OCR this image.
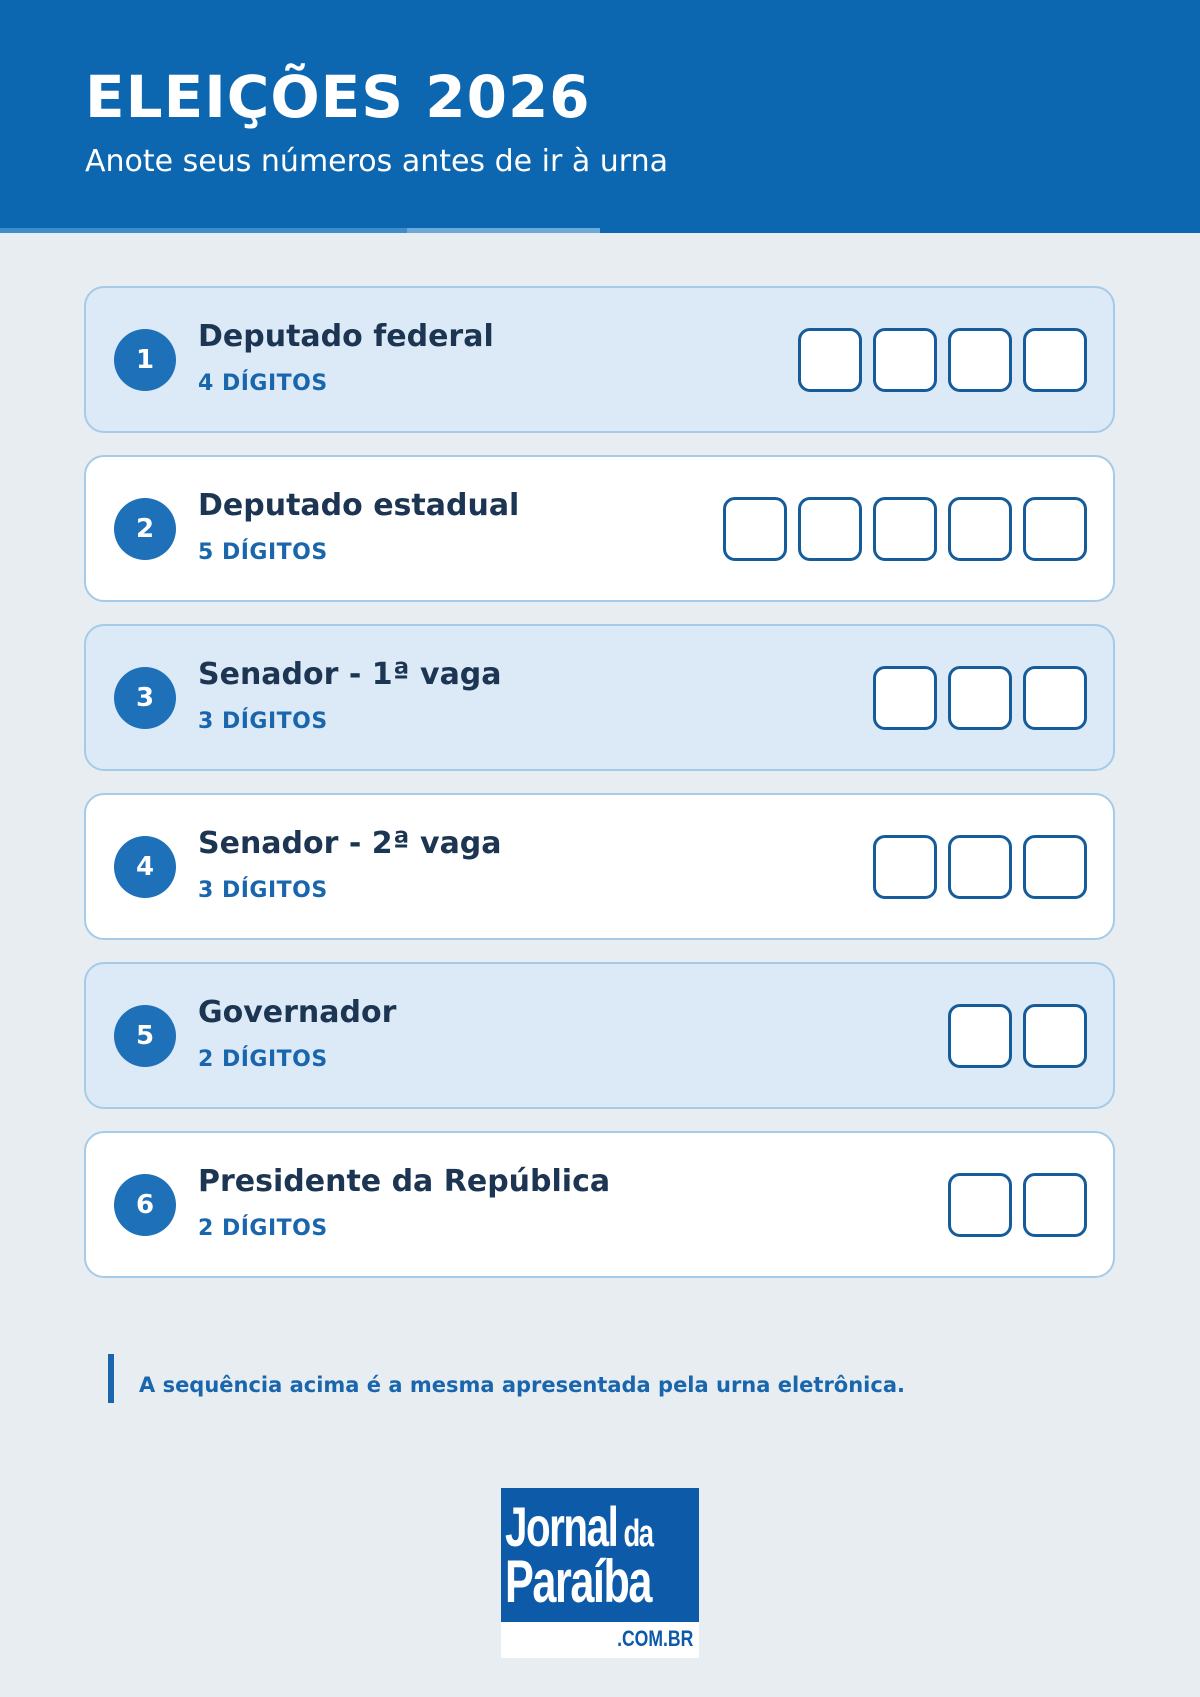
ELEIÇÕES 2026

Anote seus números antes de ir à urna

1
Deputado federal
4 DÍGITOS
2
Deputado estadual
5 DÍGITOS
3
Senador - 1ª vaga
3 DÍGITOS
4
Senador - 2ª vaga
3 DÍGITOS
5
Governador
2 DÍGITOS
6
Presidente da República
2 DÍGITOS
A sequência acima é a mesma apresentada pela urna eletrônica.
Jornal da
Paraíba
.COM.BR
